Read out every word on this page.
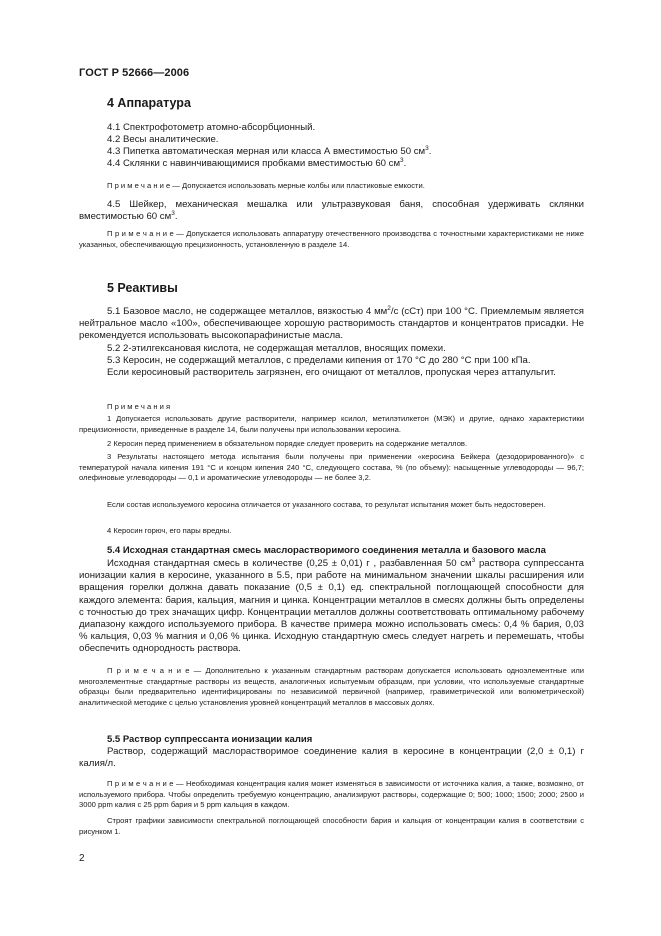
ГОСТ Р 52666—2006
4 Аппаратура
4.1 Спектрофотометр атомно-абсорбционный.
4.2 Весы аналитические.
4.3 Пипетка автоматическая мерная или класса А вместимостью 50 $см^3$.
4.4 Склянки с навинчивающимися пробками вместимостью 60 $см^3$.
П р и м е ч а н и е — Допускается использовать мерные колбы или пластиковые емкости.
4.5 Шейкер, механическая мешалка или ультразвуковая баня, способная удерживать склянки вместимостью 60 $см^3$.
П р и м е ч а н и е — Допускается использовать аппаратуру отечественного производства с точностными характеристиками не ниже указанных, обеспечивающую прецизионность, установленную в разделе 14.
5 Реактивы
5.1 Базовое масло, не содержащее металлов, вязкостью 4 $мм^2/с$ (сСт) при 100 °С. Приемлемым является нейтральное масло «100», обеспечивающее хорошую растворимость стандартов и концентратов присадки. Не рекомендуется использовать высокопарафинистые масла.
5.2 2-этилгексановая кислота, не содержащая металлов, вносящих помехи.
5.3 Керосин, не содержащий металлов, с пределами кипения от 170 °С до 280 °С при 100 кПа.
Если керосиновый растворитель загрязнен, его очищают от металлов, пропуская через аттапульгит.
П р и м е ч а н и я
1 Допускается использовать другие растворители, например ксилол, метилэтилкетон (МЭК) и другие, однако характеристики прецизионности, приведенные в разделе 14, были получены при использовании керосина.
2 Керосин перед применением в обязательном порядке следует проверить на содержание металлов.
3 Результаты настоящего метода испытания были получены при применении «керосина Бейкера (дезодорированного)» с температурой начала кипения 191 °С и концом кипения 240 °С, следующего состава, % (по объему): насыщенные углеводороды — 96,7; олефиновые углеводороды — 0,1 и ароматические углеводороды — не более 3,2.
Если состав используемого керосина отличается от указанного состава, то результат испытания может быть недостоверен.
4 Керосин горюч, его пары вредны.
5.4 Исходная стандартная смесь маслорастворимого соединения металла и базового масла
Исходная стандартная смесь в количестве (0,25 ± 0,01) г , разбавленная 50 $см^3$ раствора суппрессанта ионизации калия в керосине, указанного в 5.5, при работе на минимальном значении шкалы расширения или вращения горелки должна давать показание (0,5 ± 0,1) ед. спектральной поглощающей способности для каждого элемента: бария, кальция, магния и цинка. Концентрации металлов в смесях должны быть определены с точностью до трех значащих цифр. Концентрации металлов должны соответствовать оптимальному рабочему диапазону каждого используемого прибора. В качестве примера можно использовать смесь: 0,4 % бария, 0,03 % кальция, 0,03 % магния и 0,06 % цинка. Исходную стандартную смесь следует нагреть и перемешать, чтобы обеспечить однородность раствора.
П р и м е ч а н и е — Дополнительно к указанным стандартным растворам допускается использовать одноэлементные или многоэлементные стандартные растворы из веществ, аналогичных испытуемым образцам, при условии, что используемые стандартные образцы были предварительно идентифицированы по независимой первичной (например, гравиметрической или волюметрической) аналитической методике с целью установления уровней концентраций металлов в массовых долях.
5.5 Раствор суппрессанта ионизации калия
Раствор, содержащий маслорастворимое соединение калия в керосине в концентрации (2,0 ± 0,1) г калия/л.
П р и м е ч а н и е — Необходимая концентрация калия может изменяться в зависимости от источника калия, а также, возможно, от используемого прибора. Чтобы определить требуемую концентрацию, анализируют растворы, содержащие 0; 500; 1000; 1500; 2000; 2500 и 3000 ppm калия с 25 ppm бария и 5 ppm кальция в каждом.
Строят графики зависимости спектральной поглощающей способности бария и кальция от концентрации калия в соответствии с рисунком 1.
2
